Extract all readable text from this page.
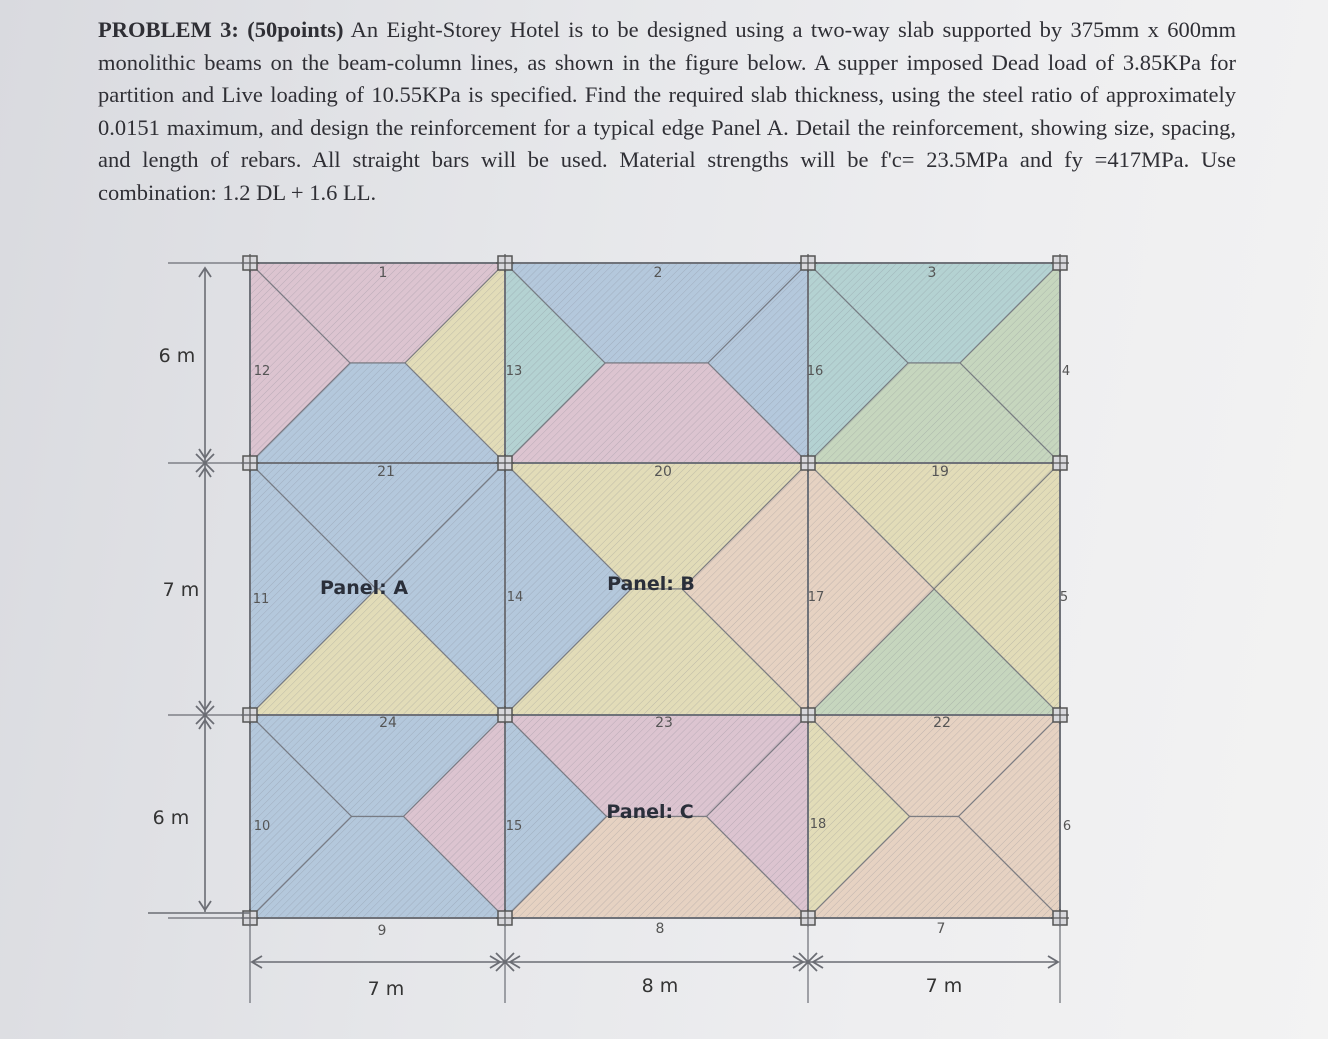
PROBLEM 3: (50points) An Eight-Storey Hotel is to be designed using a two-way slab supported by 375mm x 600mm monolithic beams on the beam-column lines, as shown in the figure below. A supper imposed Dead load of 3.85KPa for partition and Live loading of 10.55KPa is specified. Find the required slab thickness, using the steel ratio of approximately 0.0151 maximum, and design the reinforcement for a typical edge Panel A. Detail the reinforcement, showing size, spacing, and length of rebars. All straight bars will be used. Material strengths will be f'c= 23.5MPa and fy =417MPa. Use combination: 1.2 DL + 1.6 LL.

6 m
7 m
6 m
7 m	8 m	7 m
Panel: A	Panel: B
Panel: C
1	2	3
21	20	19
24	23	22
9	8	7
12	13	16	4
11	14	17	5
10	15	18	6
